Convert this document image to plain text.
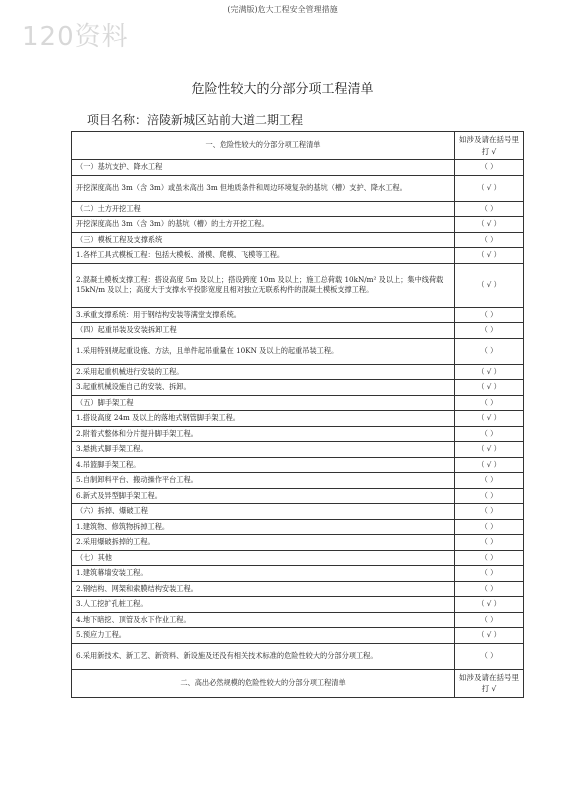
(完满版)危大工程安全管理措施
120资料
危险性较大的分部分项工程清单
项目名称：涪陵新城区站前大道二期工程
一、危险性较大的分部分项工程清单	如涉及请在括号里打 √
（一）基坑支护、降水工程	（ ）
开挖深度高出 3m（含 3m）或虽未高出 3m 但地质条件和周边环境复杂的基坑（槽）支护、降水工程。	（ √ ）
（二）土方开挖工程	（ ）
开挖深度高出 3m（含 3m）的基坑（槽）的土方开挖工程。	（ √ ）
（三）模板工程及支撑系统	（ ）
1.各样工具式模板工程：包括大模板、滑模、爬模、飞模等工程。	（ √ ）
2.混凝土模板支撑工程：搭设高度 5m 及以上；搭设跨度 10m 及以上；施工总荷载 10kN/m² 及以上；集中线荷载 15kN/m 及以上；高度大于支撑水平投影宽度且相对独立无联系构件的混凝土模板支撑工程。	（ √ ）
3.承重支撑系统：用于钢结构安装等满堂支撑系统。	（ ）
（四）起重吊装及安装拆卸工程	（ ）
1.采用特别规起重设施、方法，且单件起吊重量在 10KN 及以上的起重吊装工程。	（ ）
2.采用起重机械进行安装的工程。	（ √ ）
3.起重机械设施自己的安装、拆卸。	（ √ ）
（五）脚手架工程	（ ）
1.搭设高度 24m 及以上的落地式钢管脚手架工程。	（ √ ）
2.附着式整体和分片提升脚手架工程。	（ ）
3.悬挑式脚手架工程。	（ √ ）
4.吊篮脚手架工程。	（ √ ）
5.自制卸料平台、搬动操作平台工程。	（ ）
6.新式及异型脚手架工程。	（ ）
（六）拆掉、爆破工程	（ ）
1.建筑物、修筑物拆掉工程。	（ ）
2.采用爆破拆掉的工程。	（ ）
（七）其他	（ ）
1.建筑幕墙安装工程。	（ ）
2.钢结构、网架和索膜结构安装工程。	（ ）
3.人工挖扩孔桩工程。	（ √ ）
4.地下暗挖、顶管及水下作业工程。	（ ）
5.预应力工程。	（ √ ）
6.采用新技术、新工艺、新资料、新设施及还没有相关技术标准的危险性较大的分部分项工程。	（ ）
二、高出必然规模的危险性较大的分部分项工程清单	如涉及请在括号里打 √
